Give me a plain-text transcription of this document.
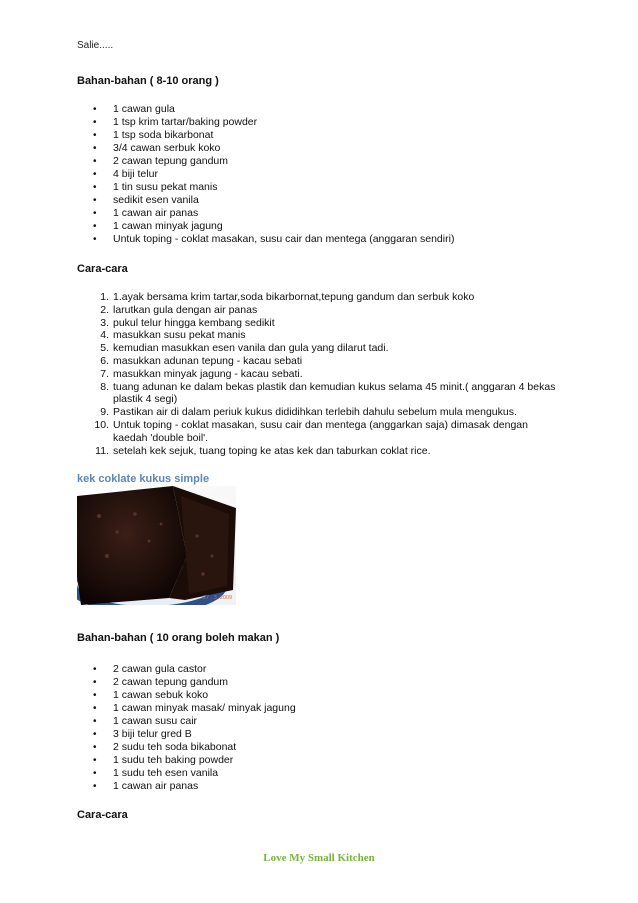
Salie.....
Bahan-bahan ( 8-10 orang )
• 1 cawan gula
• 1 tsp krim tartar/baking powder
• 1 tsp soda bikarbonat
• 3/4 cawan serbuk koko
• 2 cawan tepung gandum
• 4 biji telur
• 1 tin susu pekat manis
• sedikit esen vanila
• 1 cawan air panas
• 1 cawan minyak jagung
• Untuk toping - coklat masakan, susu cair dan mentega (anggaran sendiri)
Cara-cara
1. 1.ayak bersama krim tartar,soda bikarbornat,tepung gandum dan serbuk koko
2. larutkan gula dengan air panas
3. pukul telur hingga kembang sedikit
4. masukkan susu pekat manis
5. kemudian masukkan esen vanila dan gula yang dilarut tadi.
6. masukkan adunan tepung - kacau sebati
7. masukkan minyak jagung - kacau sebati.
8. tuang adunan ke dalam bekas plastik dan kemudian kukus selama 45 minit.( anggaran 4 bekas plastik 4 segi)
9. Pastikan air di dalam periuk kukus dididihkan terlebih dahulu sebelum mula mengukus.
10. Untuk toping - coklat masakan, susu cair dan mentega (anggarkan saja) dimasak dengan kaedah 'double boil'.
11. setelah kek sejuk, tuang toping ke atas kek dan taburkan coklat rice.
kek coklate kukus simple
27 . 3 .2009
Bahan-bahan ( 10 orang boleh makan )
• 2 cawan gula castor
• 2 cawan tepung gandum
• 1 cawan sebuk koko
• 1 cawan minyak masak/ minyak jagung
• 1 cawan susu cair
• 3 biji telur gred B
• 2 sudu teh soda bikabonat
• 1 sudu teh baking powder
• 1 sudu teh esen vanila
• 1 cawan air panas
Cara-cara
Love My Small Kitchen
